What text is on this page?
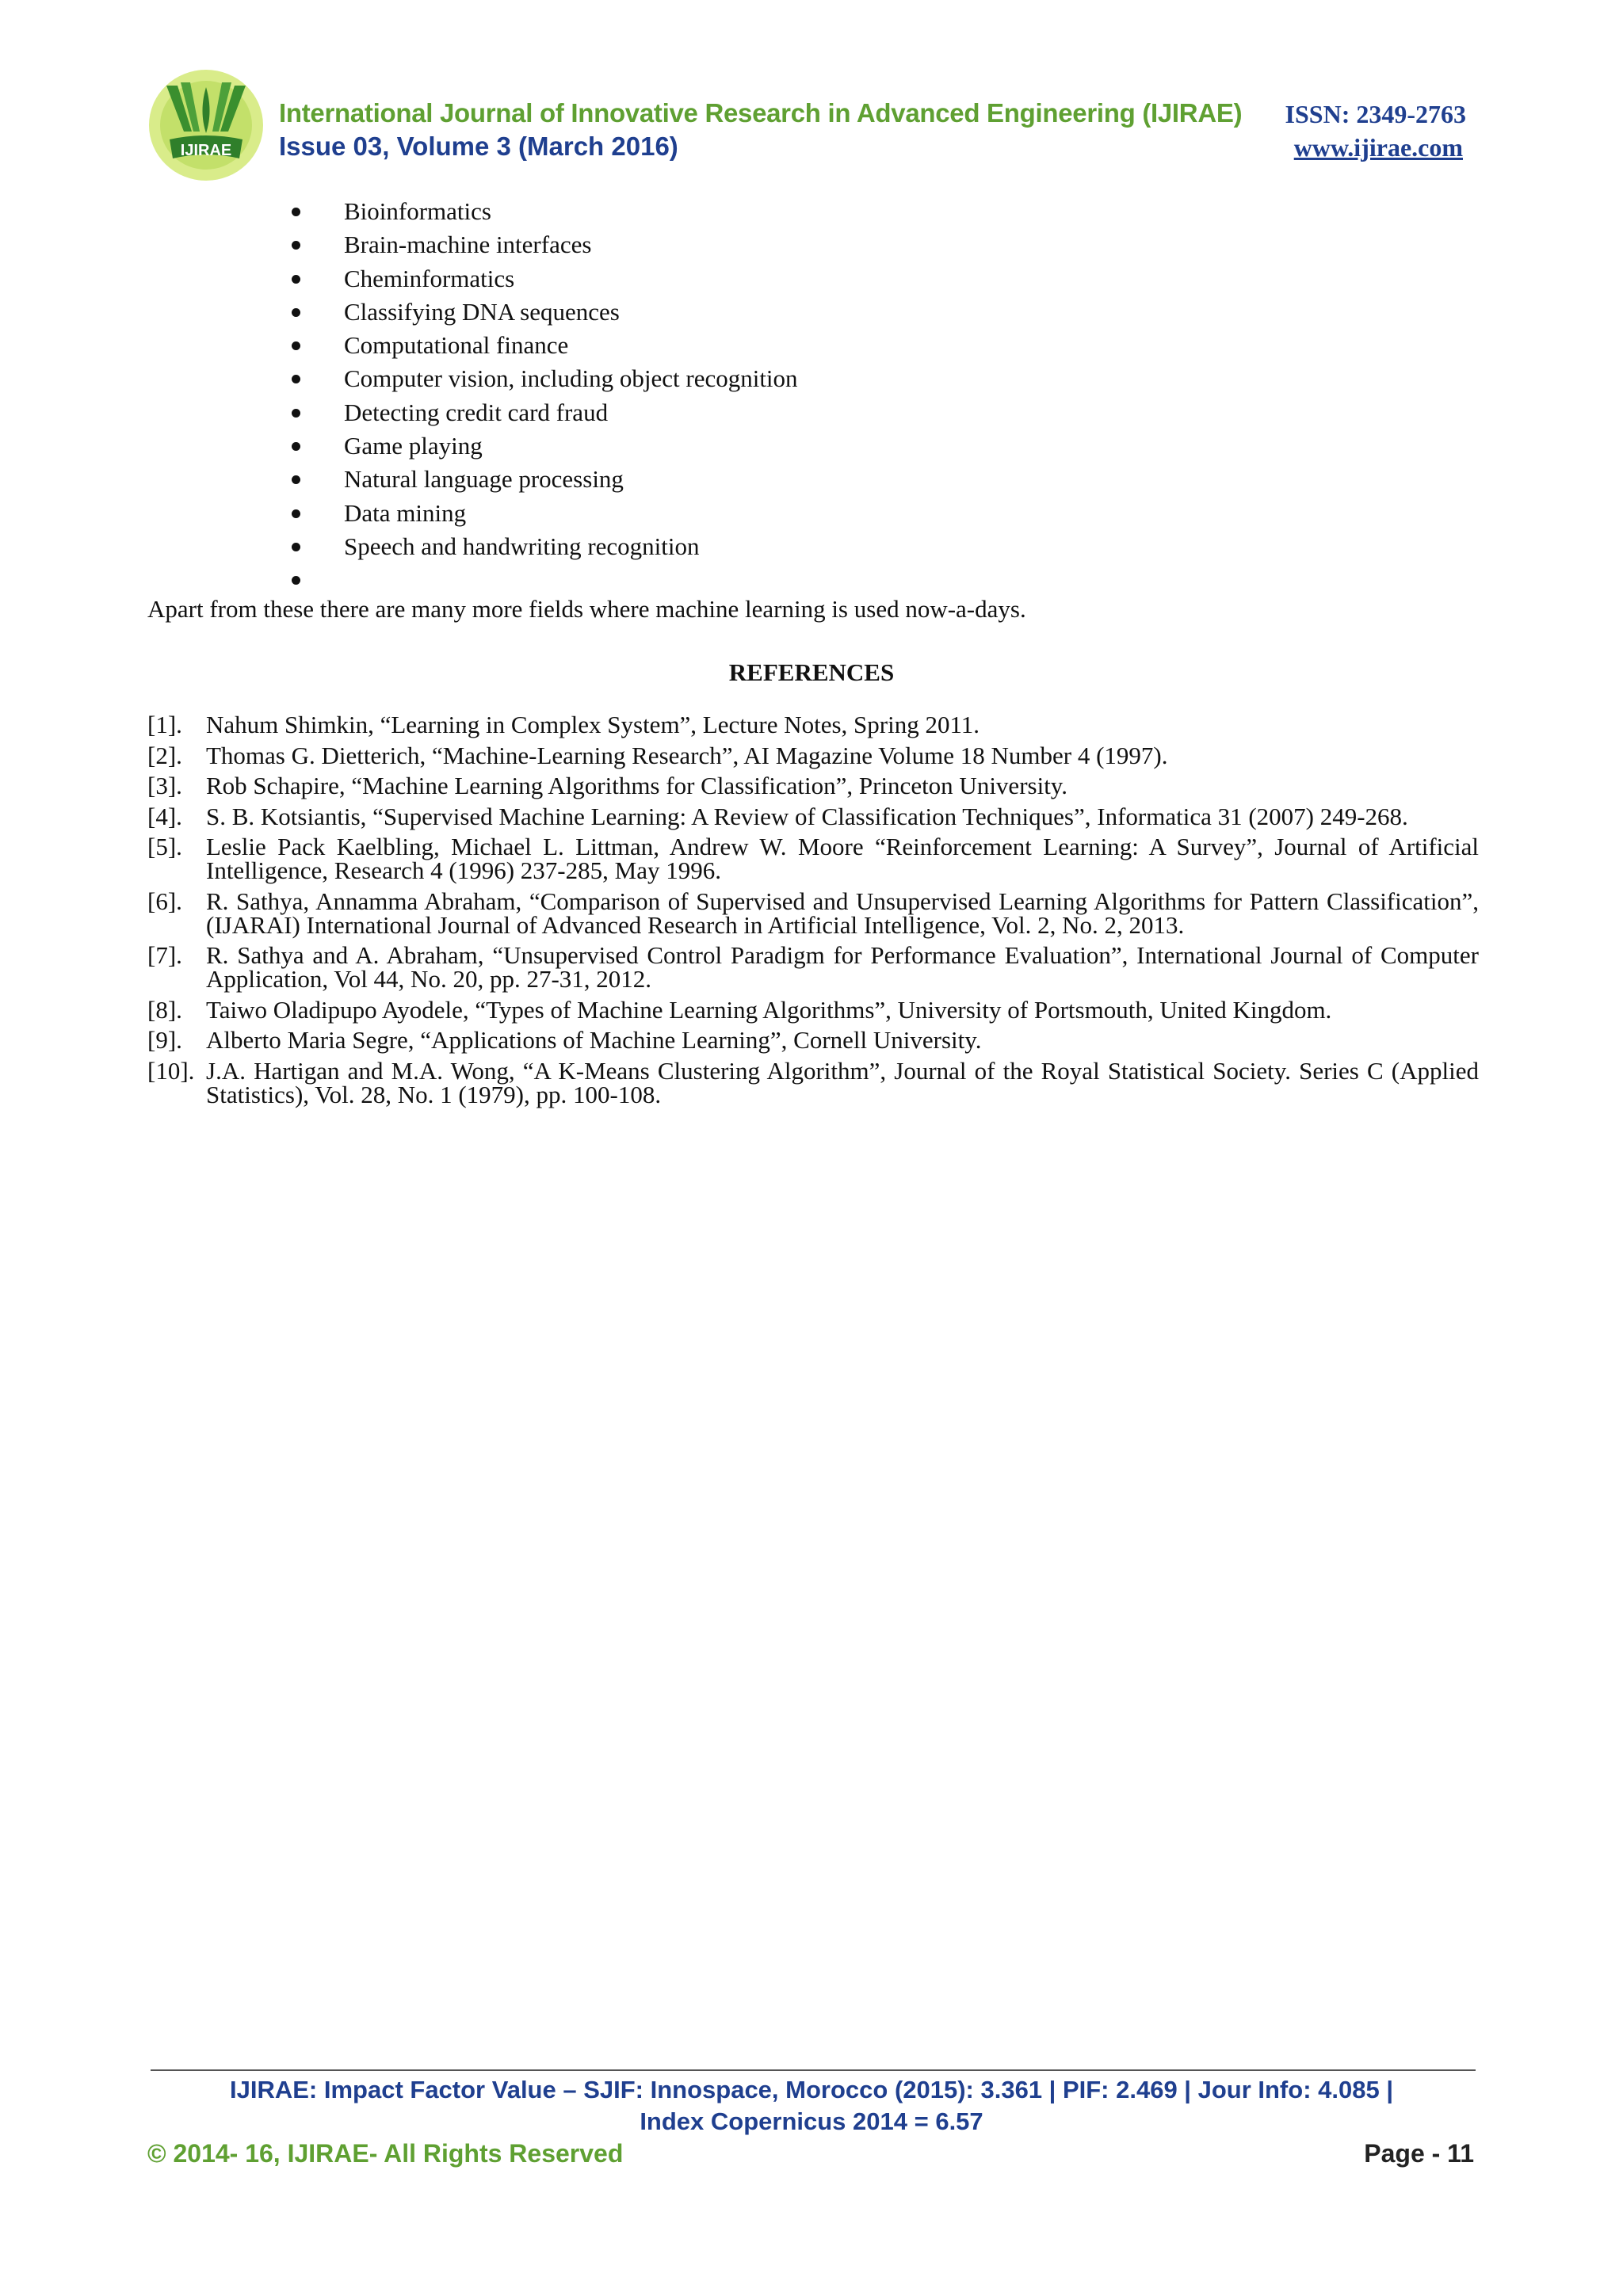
IJIRAE
International Journal of Innovative Research in Advanced Engineering (IJIRAE) ISSN: 2349-2763
Issue 03, Volume 3 (March 2016)	www.ijirae.com
Bioinformatics
Brain-machine interfaces
Cheminformatics
Classifying DNA sequences
Computational finance
Computer vision, including object recognition
Detecting credit card fraud
Game playing
Natural language processing
Data mining
Speech and handwriting recognition
Apart from these there are many more fields where machine learning is used now-a-days.
REFERENCES
[1]. Nahum Shimkin, “Learning in Complex System”, Lecture Notes, Spring 2011.
[2]. Thomas G. Dietterich, “Machine-Learning Research”, AI Magazine Volume 18 Number 4 (1997).
[3]. Rob Schapire, “Machine Learning Algorithms for Classification”, Princeton University.
[4]. S. B. Kotsiantis, “Supervised Machine Learning: A Review of Classification Techniques”, Informatica 31 (2007) 249-268.
[5]. Leslie Pack Kaelbling, Michael L. Littman, Andrew W. Moore “Reinforcement Learning: A Survey”, Journal of Artificial Intelligence, Research 4 (1996) 237-285, May 1996.
[6]. R. Sathya, Annamma Abraham, “Comparison of Supervised and Unsupervised Learning Algorithms for Pattern Classification”, (IJARAI) International Journal of Advanced Research in Artificial Intelligence, Vol. 2, No. 2, 2013.
[7]. R. Sathya and A. Abraham, “Unsupervised Control Paradigm for Performance Evaluation”, International Journal of Computer Application, Vol 44, No. 20, pp. 27-31, 2012.
[8]. Taiwo Oladipupo Ayodele, “Types of Machine Learning Algorithms”, University of Portsmouth, United Kingdom.
[9]. Alberto Maria Segre, “Applications of Machine Learning”, Cornell University.
[10]. J.A. Hartigan and M.A. Wong, “A K-Means Clustering Algorithm”, Journal of the Royal Statistical Society. Series C (Applied Statistics), Vol. 28, No. 1 (1979), pp. 100-108.
IJIRAE: Impact Factor Value – SJIF: Innospace, Morocco (2015): 3.361 | PIF: 2.469 | Jour Info: 4.085 |
Index Copernicus 2014 = 6.57
© 2014- 16, IJIRAE- All Rights Reserved	Page - 11
